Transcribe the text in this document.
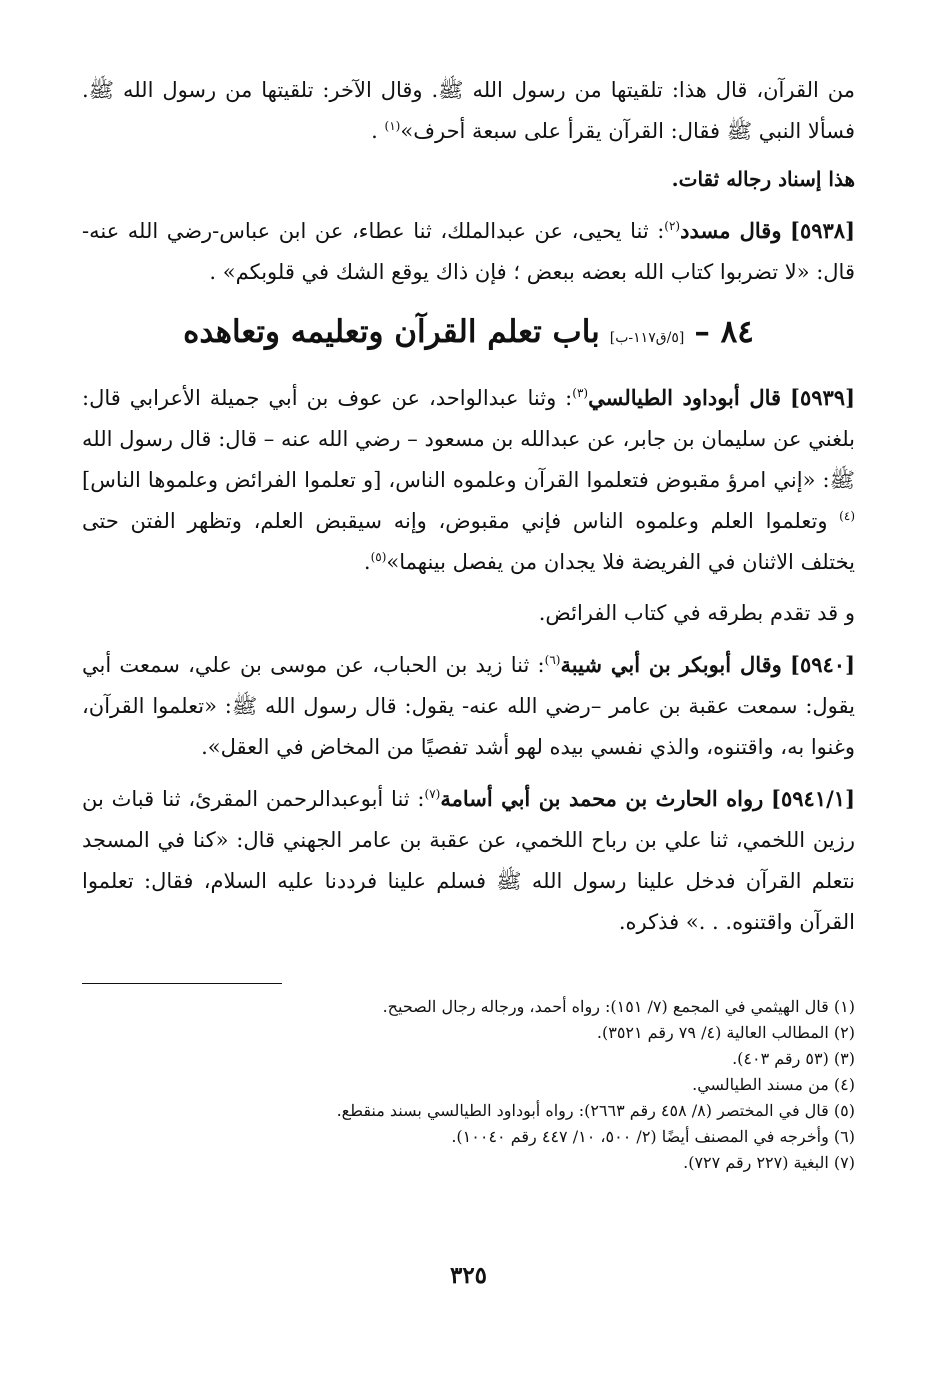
من القرآن، قال هذا: تلقيتها من رسول الله ﷺ. وقال الآخر: تلقيتها من رسول الله ﷺ. فسألا النبي ﷺ فقال: القرآن يقرأ على سبعة أحرف»$^{(١)}$ .

هذا إسناد رجاله ثقات.

[٥٩٣٨] وقال مسدد$^{(٢)}$: ثنا يحيى، عن عبدالملك، ثنا عطاء، عن ابن عباس-رضي الله عنه-قال: «لا تضربوا كتاب الله بعضه ببعض ؛ فإن ذاك يوقع الشك في قلوبكم» .

٨٤ –[٥/ق١١٧-ب]باب تعلم القرآن وتعليمه وتعاهده

[٥٩٣٩] قال أبوداود الطيالسي$^{(٣)}$: وثنا عبدالواحد، عن عوف بن أبي جميلة الأعرابي قال: بلغني عن سليمان بن جابر، عن عبدالله بن مسعود – رضي الله عنه – قال: قال رسول الله ﷺ: «إني امرؤ مقبوض فتعلموا القرآن وعلموه الناس، [و تعلموا الفرائض وعلموها الناس]$^{(٤)}$ وتعلموا العلم وعلموه الناس فإني مقبوض، وإنه سيقبض العلم، وتظهر الفتن حتى يختلف الاثنان في الفريضة فلا يجدان من يفصل بينهما»$^{(٥)}$.

و قد تقدم بطرقه في كتاب الفرائض.

[٥٩٤٠] وقال أبوبكر بن أبي شيبة$^{(٦)}$: ثنا زيد بن الحباب، عن موسى بن علي، سمعت أبي يقول: سمعت عقبة بن عامر –رضي الله عنه- يقول: قال رسول الله ﷺ: «تعلموا القرآن، وغنوا به، واقتنوه، والذي نفسي بيده لهو أشد تفصيًا من المخاض في العقل».

[٥٩٤١/١] رواه الحارث بن محمد بن أبي أسامة$^{(٧)}$: ثنا أبوعبدالرحمن المقرئ، ثنا قباث بن رزين اللخمي، ثنا علي بن رباح اللخمي، عن عقبة بن عامر الجهني قال: «كنا في المسجد نتعلم القرآن فدخل علينا رسول الله ﷺ فسلم علينا فرددنا عليه السلام، فقال: تعلموا القرآن واقتنوه. . .» فذكره.

(١) قال الهيثمي في المجمع (٧/ ١٥١): رواه أحمد، ورجاله رجال الصحيح.

(٢) المطالب العالية (٤/ ٧٩ رقم ٣٥٢١).

(٣) (٥٣ رقم ٤٠٣).

(٤) من مسند الطيالسي.

(٥) قال في المختصر (٨/ ٤٥٨ رقم ٢٦٦٣): رواه أبوداود الطيالسي بسند منقطع.

(٦) وأخرجه في المصنف أيضًا (٢/ ٥٠٠، ١٠/ ٤٤٧ رقم ١٠٠٤٠).

(٧) البغية (٢٢٧ رقم ٧٢٧).

٣٢٥
